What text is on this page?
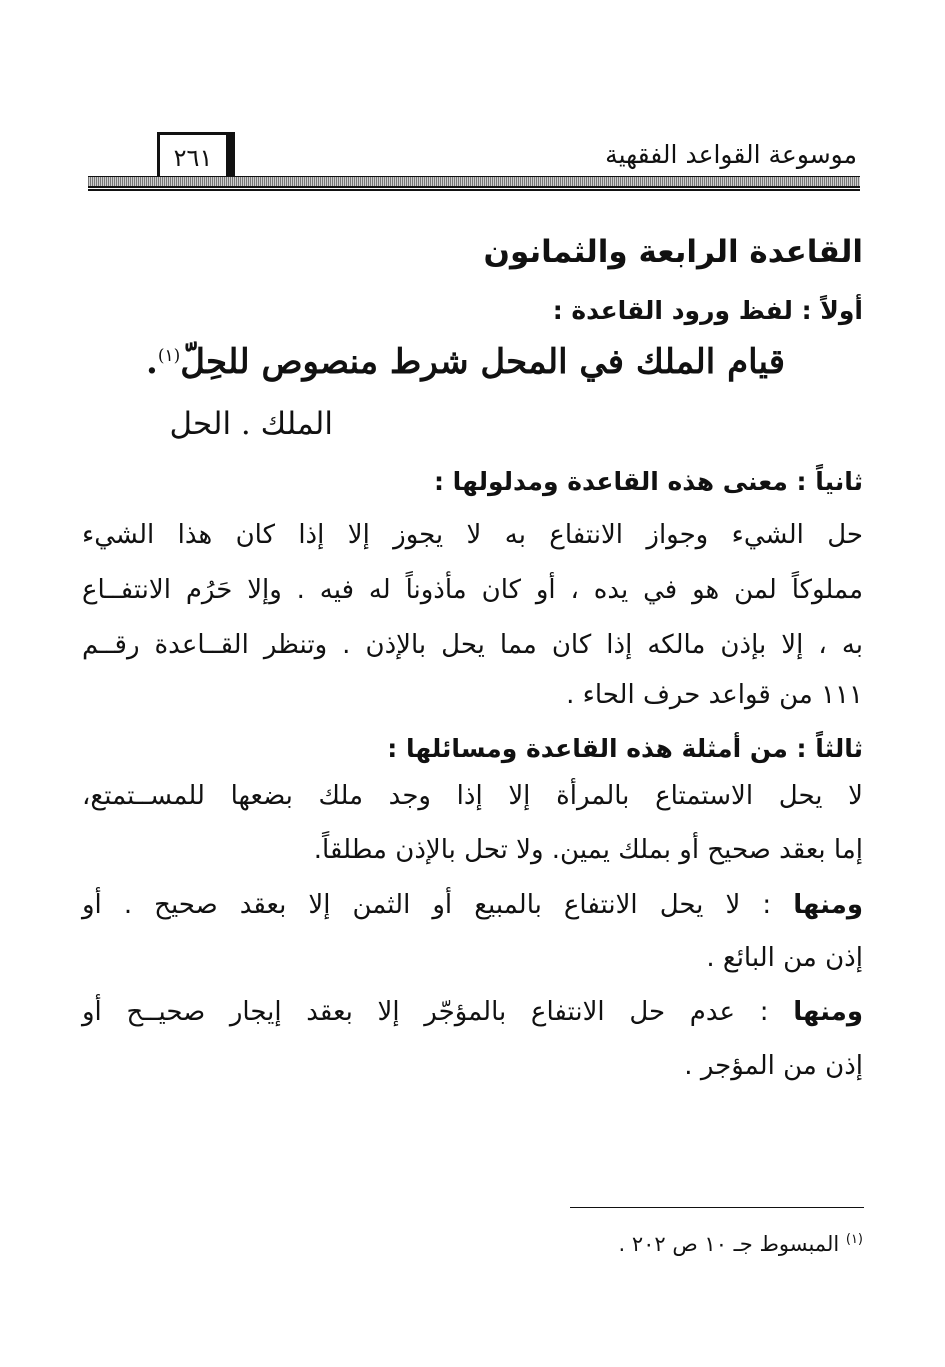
موسوعة القواعد الفقهية
٢٦١
القاعدة الرابعة والثمانون
أولاً : لفظ ورود القاعدة :
قيام الملك في المحل شرط منصوص للحِلّ$^{(١)}$.
الملك . الحل
ثانياً : معنى هذه القاعدة ومدلولها :
حل الشيء وجواز الانتفاع به لا يجوز إلا إذا كان هذا الشيء
مملوكاً لمن هو في يده ، أو كان مأذوناً له فيه . وإلا حَرُم الانتفــاع
به ، إلا بإذن مالكه إذا كان مما يحل بالإذن . وتنظر القــاعدة رقــم
١١١ من قواعد حرف الحاء .
ثالثاً : من أمثلة هذه القاعدة ومسائلها :
لا يحل الاستمتاع بالمرأة إلا إذا وجد ملك بضعها للمســتمتع،
إما بعقد صحيح أو بملك يمين. ولا تحل بالإذن مطلقاً.
ومنها : لا يحل الانتفاع بالمبيع أو الثمن إلا بعقد صحيح . أو
إذن من البائع .
ومنها : عدم حل الانتفاع بالمؤجّر إلا بعقد إيجار صحيــح أو
إذن من المؤجر .
$^{(١)}$ المبسوط جـ ١٠ ص ٢٠٢ .
